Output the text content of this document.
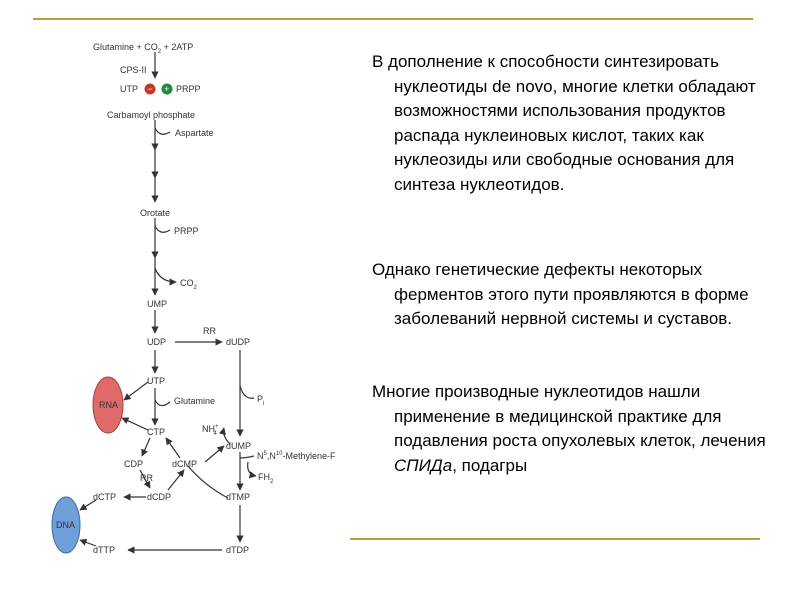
Glutamine + $CO_2 + 2ATP$
CPS-II
UTP − + PRPP
Carbamoyl phosphate
Aspartate
Orotate
PRPP
$CO_2$
UMP
UDP
RR
dUDP
UTP
RNA	Glutamine	$P_i$
CTP	NH+ 4
dUMP
$N^5,N^{10}-Methylene-F$
$FH_2$
CDP	dCMP
RR
dCTP	dCDP	dTMP
DNA
dTTP	dTDP
В дополнение к способности синтезировать нуклеотиды de novo, многие клетки обладают возможностями использования продуктов распада нуклеиновых кислот, таких как нуклеозиды или свободные основания для синтеза нуклеотидов.
Однако генетические дефекты некоторых ферментов этого пути проявляются в форме заболеваний нервной системы и суставов.
Многие производные нуклеотидов нашли применение в медицинской практике для подавления роста опухолевых клеток, лечения СПИДа, подагры
